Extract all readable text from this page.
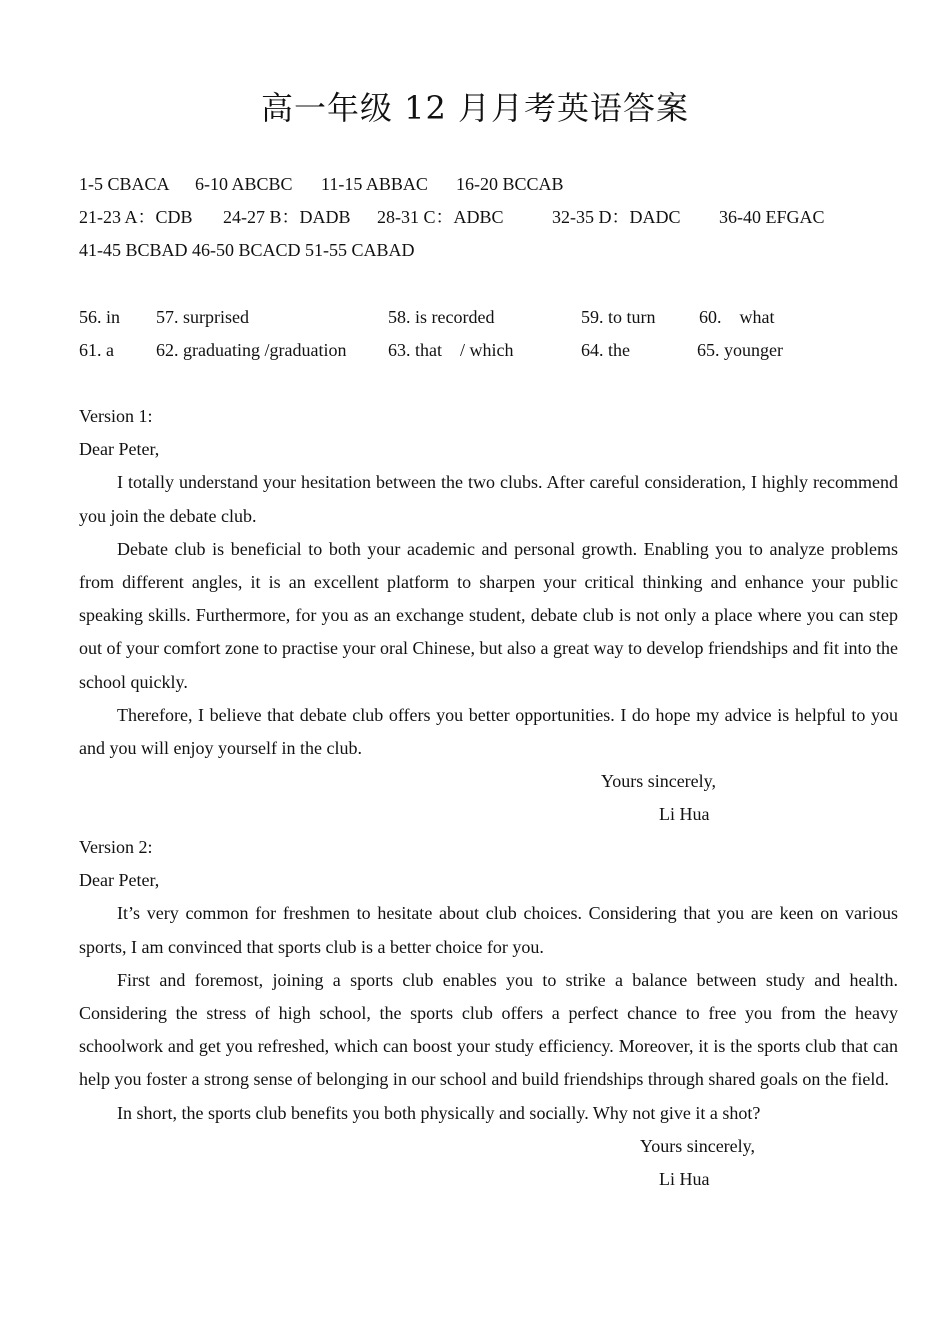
高一年级 12 月月考英语答案
1-5 CBACA 6-10 ABCBC 11-15 ABBAC 16-20 BCCAB
21-23 A：CDB 24-27 B：DADB 28-31 C：ADBC	32-35 D：DADC 36-40 EFGAC
41-45 BCBAD 46-50 BCACD 51-55 CABAD
56. in 57. surprised	58. is recorded	59. to turn 60.    what
61. a 62. graduating /graduation 63. that    / which	64. the	65. younger

Version 1:

Dear Peter,

I totally understand your hesitation between the two clubs. After careful consideration, I highly recommend you join the debate club.

Debate club is beneficial to both your academic and personal growth. Enabling you to analyze problems from different angles, it is an excellent platform to sharpen your critical thinking and enhance your public speaking skills. Furthermore, for you as an exchange student, debate club is not only a place where you can step out of your comfort zone to practise your oral Chinese, but also a great way to develop friendships and fit into the school quickly.

Therefore, I believe that debate club offers you better opportunities. I do hope my advice is helpful to you and you will enjoy yourself in the club.

Yours sincerely,
Li Hua

Version 2:

Dear Peter,

It’s very common for freshmen to hesitate about club choices. Considering that you are keen on various sports, I am convinced that sports club is a better choice for you.

First and foremost, joining a sports club enables you to strike a balance between study and health. Considering the stress of high school, the sports club offers a perfect chance to free you from the heavy schoolwork and get you refreshed, which can boost your study efficiency. Moreover, it is the sports club that can help you foster a strong sense of belonging in our school and build friendships through shared goals on the field.

In short, the sports club benefits you both physically and socially. Why not give it a shot?

Yours sincerely,
Li Hua
